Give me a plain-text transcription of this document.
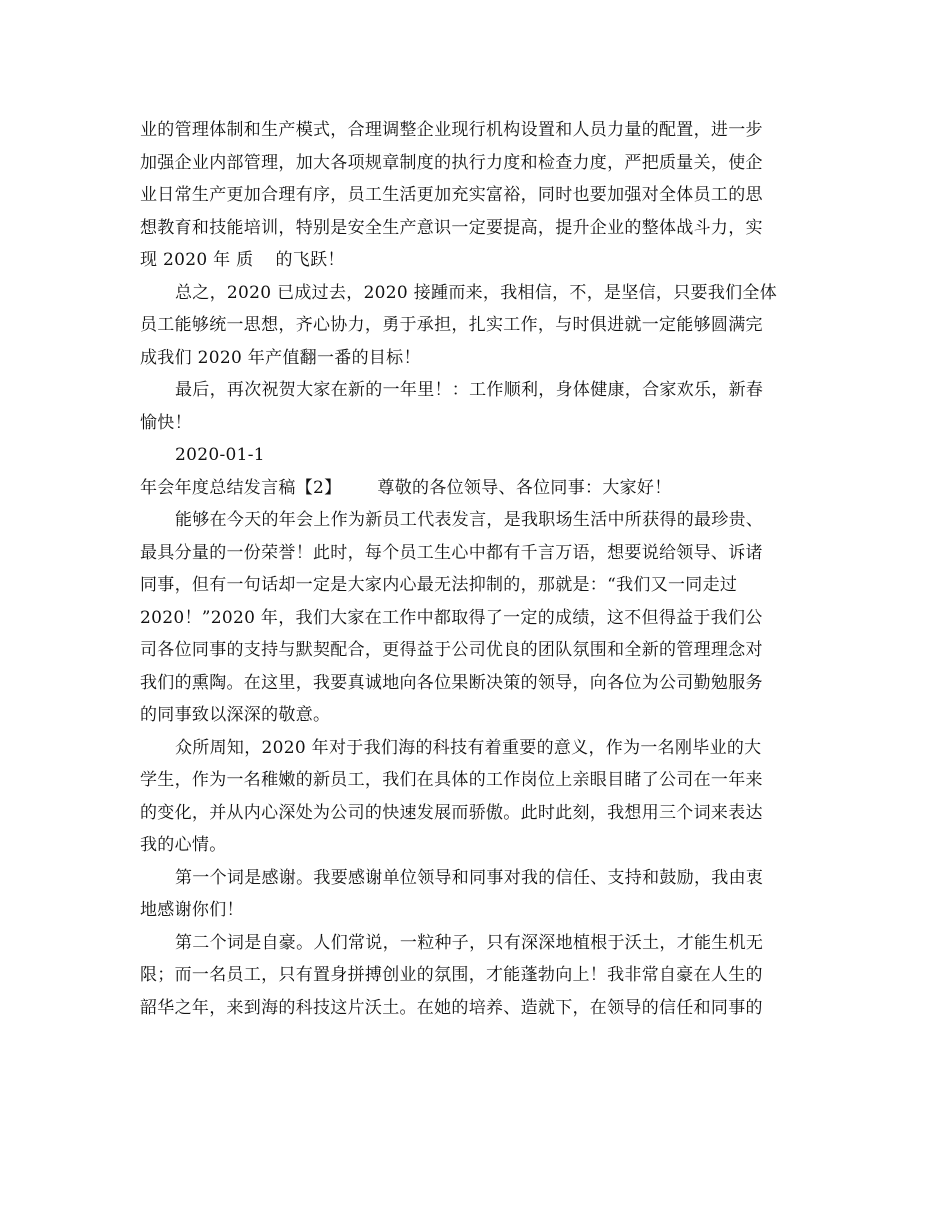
业的管理体制和生产模式，合理调整企业现行机构设置和人员力量的配置，进一步
加强企业内部管理，加大各项规章制度的执行力度和检查力度，严把质量关，使企
业日常生产更加合理有序，员工生活更加充实富裕，同时也要加强对全体员工的思
想教育和技能培训，特别是安全生产意识一定要提高，提升企业的整体战斗力，实
现 2020 年 质 的飞跃！
总之，2020 已成过去，2020 接踵而来，我相信，不，是坚信，只要我们全体
员工能够统一思想，齐心协力，勇于承担，扎实工作，与时俱进就一定能够圆满完
成我们 2020 年产值翻一番的目标！
最后，再次祝贺大家在新的一年里！：工作顺利，身体健康，合家欢乐，新春
愉快！
2020-01-1
年会年度总结发言稿【2】 尊敬的各位领导、各位同事：大家好！
能够在今天的年会上作为新员工代表发言，是我职场生活中所获得的最珍贵、
最具分量的一份荣誉！此时，每个员工生心中都有千言万语，想要说给领导、诉诸
同事，但有一句话却一定是大家内心最无法抑制的，那就是：“我们又一同走过
2020！”2020 年，我们大家在工作中都取得了一定的成绩，这不但得益于我们公
司各位同事的支持与默契配合，更得益于公司优良的团队氛围和全新的管理理念对
我们的熏陶。在这里，我要真诚地向各位果断决策的领导，向各位为公司勤勉服务
的同事致以深深的敬意。
众所周知，2020 年对于我们海的科技有着重要的意义，作为一名刚毕业的大
学生，作为一名稚嫩的新员工，我们在具体的工作岗位上亲眼目睹了公司在一年来
的变化，并从内心深处为公司的快速发展而骄傲。此时此刻，我想用三个词来表达
我的心情。
第一个词是感谢。我要感谢单位领导和同事对我的信任、支持和鼓励，我由衷
地感谢你们！
第二个词是自豪。人们常说，一粒种子，只有深深地植根于沃土，才能生机无
限；而一名员工，只有置身拼搏创业的氛围，才能蓬勃向上！我非常自豪在人生的
韶华之年，来到海的科技这片沃土。在她的培养、造就下，在领导的信任和同事的
